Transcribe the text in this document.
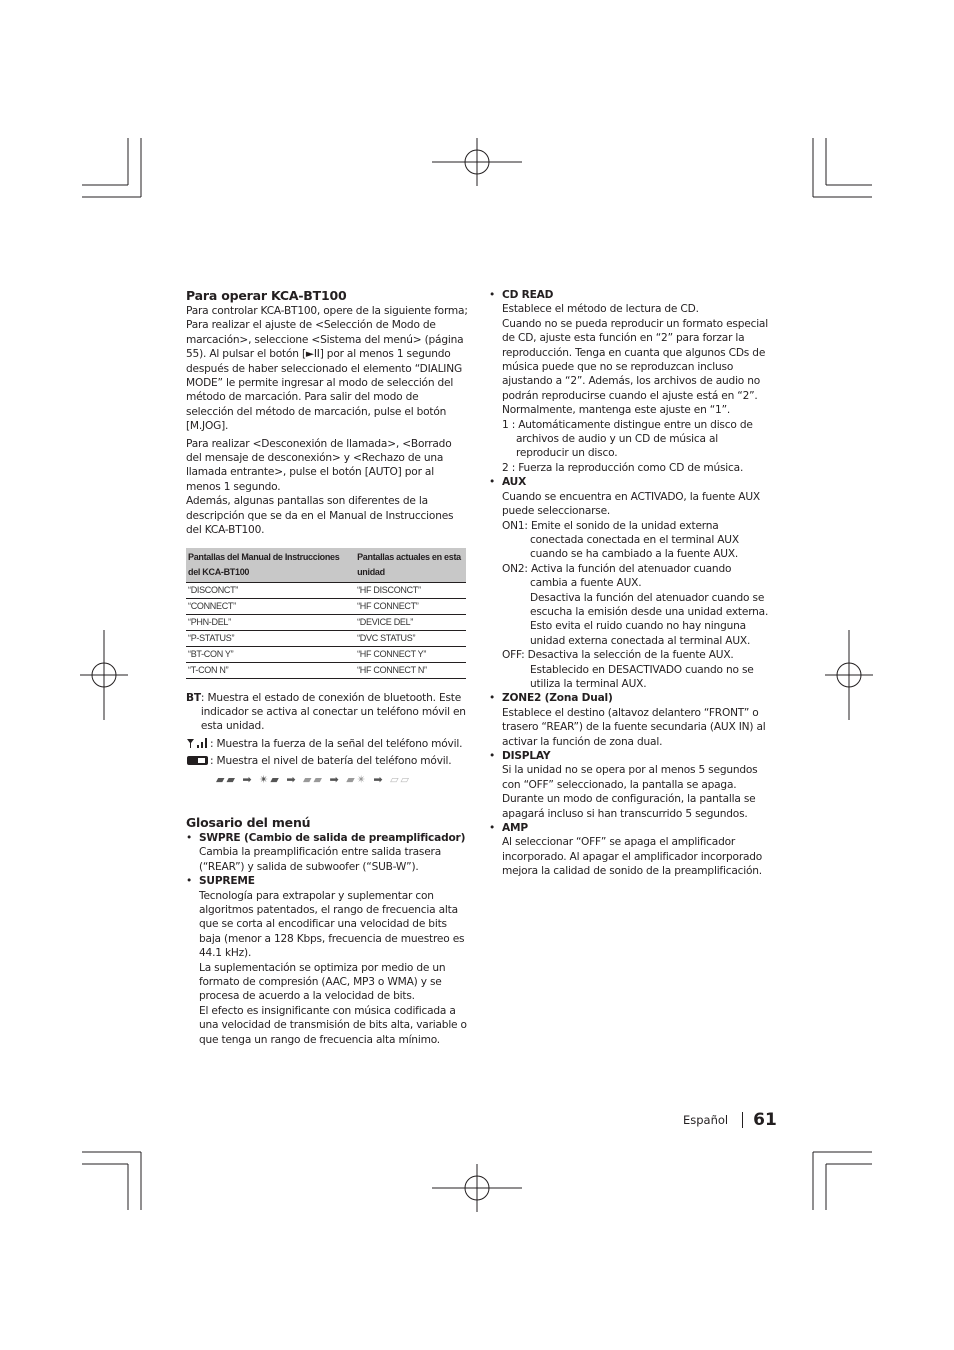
Para operar KCA-BT100

Para controlar KCA-BT100, opere de la siguiente forma; Para realizar el ajuste de <Selección de Modo de marcación>, seleccione <Sistema del menú> (página 55). Al pulsar el botón [►II] por al menos 1 segundo después de haber seleccionado el elemento “DIALING MODE” le permite ingresar al modo de selección del método de marcación. Para salir del modo de selección del método de marcación, pulse el botón [M.JOG].

Para realizar <Desconexión de llamada>, <Borrado del mensaje de desconexión> y <Rechazo de una llamada entrante>, pulse el botón [AUTO] por al menos 1 segundo.

Además, algunas pantallas son diferentes de la descripción que se da en el Manual de Instrucciones del KCA-BT100.

Pantallas del Manual de Instrucciones del KCA-BT100	Pantallas actuales en esta unidad
“DISCONCT”	“HF DISCONCT”
“CONNECT”	“HF CONNECT”
“PHN-DEL”	“DEVICE DEL”
“P-STATUS”	“DVC STATUS”
“BT-CON Y”	“HF CONNECT Y”
“T-CON N”	“HF CONNECT N”
BT : Muestra el estado de conexión de bluetooth. Este indicador se activa al conectar un teléfono móvil en esta unidad.
: Muestra la fuerza de la señal del teléfono móvil.
: Muestra el nivel de batería del teléfono móvil.
▰▰ ➡ ✴▰ ➡ ▰▰ ➡ ▰✴ ➡ ▱▱
Glosario del menú
• SWPRE (Cambio de salida de preamplificador)

Cambia la preamplificación entre salida trasera (“REAR”) y salida de subwoofer (“SUB-W”).

• SUPREME

Tecnología para extrapolar y suplementar con algoritmos patentados, el rango de frecuencia alta que se corta al encodificar una velocidad de bits baja (menor a 128 Kbps, frecuencia de muestreo es 44.1 kHz).

La suplementación se optimiza por medio de un formato de compresión (AAC, MP3 o WMA) y se procesa de acuerdo a la velocidad de bits.

El efecto es insignificante con música codificada a una velocidad de transmisión de bits alta, variable o que tenga un rango de frecuencia alta mínimo.

• CD READ

Establece el método de lectura de CD.

Cuando no se pueda reproducir un formato especial de CD, ajuste esta función en “2” para forzar la reproducción. Tenga en cuanta que algunos CDs de música puede que no se reproduzcan incluso ajustando a “2”. Además, los archivos de audio no podrán reproducirse cuando el ajuste está en “2”. Normalmente, mantenga este ajuste en “1”.

1 : Automáticamente distingue entre un disco de archivos de audio y un CD de música al reproducir un disco.

2 : Fuerza la reproducción como CD de música.

• AUX

Cuando se encuentra en ACTIVADO, la fuente AUX puede seleccionarse.

ON1: Emite el sonido de la unidad externa conectada conectada en el terminal AUX cuando se ha cambiado a la fuente AUX.

ON2: Activa la función del atenuador cuando cambia a fuente AUX.

Desactiva la función del atenuador cuando se escucha la emisión desde una unidad externa. Esto evita el ruido cuando no hay ninguna unidad externa conectada al terminal AUX.

OFF: Desactiva la selección de la fuente AUX. Establecido en DESACTIVADO cuando no se utiliza la terminal AUX.

• ZONE2 (Zona Dual)

Establece el destino (altavoz delantero “FRONT” o trasero “REAR”) de la fuente secundaria (AUX IN) al activar la función de zona dual.

• DISPLAY

Si la unidad no se opera por al menos 5 segundos con “OFF” seleccionado, la pantalla se apaga. Durante un modo de configuración, la pantalla se apagará incluso si han transcurrido 5 segundos.

• AMP

Al seleccionar “OFF” se apaga el amplificador incorporado. Al apagar el amplificador incorporado mejora la calidad de sonido de la preamplificación.

Español 61
